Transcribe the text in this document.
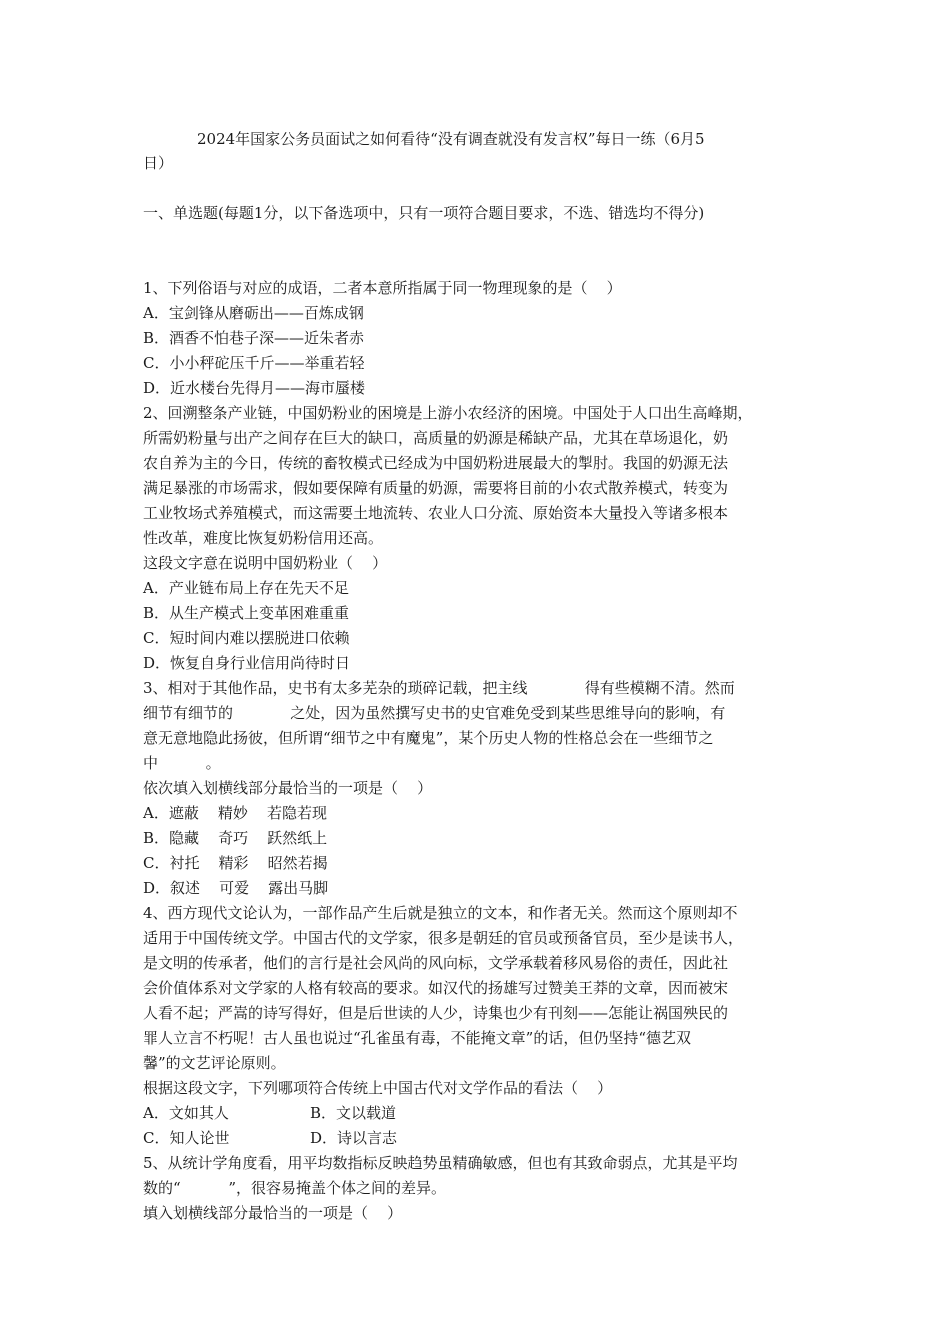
2024年国家公务员面试之如何看待“没有调查就没有发言权”每日一练（6月5
日）
一、单选题(每题1分，以下备选项中，只有一项符合题目要求，不选、错选均不得分)
1、下列俗语与对应的成语，二者本意所指属于同一物理现象的是（    ）
A．宝剑锋从磨砺出——百炼成钢
B．酒香不怕巷子深——近朱者赤
C．小小秤砣压千斤——举重若轻
D．近水楼台先得月——海市蜃楼
2、回溯整条产业链，中国奶粉业的困境是上游小农经济的困境。中国处于人口出生高峰期，
所需奶粉量与出产之间存在巨大的缺口，高质量的奶源是稀缺产品，尤其在草场退化，奶
农自养为主的今日，传统的畜牧模式已经成为中国奶粉进展最大的掣肘。我国的奶源无法
满足暴涨的市场需求，假如要保障有质量的奶源，需要将目前的小农式散养模式，转变为
工业牧场式养殖模式，而这需要土地流转、农业人口分流、原始资本大量投入等诸多根本
性改革，难度比恢复奶粉信用还高。
这段文字意在说明中国奶粉业（    ）
A．产业链布局上存在先天不足
B．从生产模式上变革困难重重
C．短时间内难以摆脱进口依赖
D．恢复自身行业信用尚待时日
3、相对于其他作品，史书有太多芜杂的琐碎记载，把主线            得有些模糊不清。然而
细节有细节的            之处，因为虽然撰写史书的史官难免受到某些思维导向的影响，有
意无意地隐此扬彼，但所谓“细节之中有魔鬼”，某个历史人物的性格总会在一些细节之
中          。
依次填入划横线部分最恰当的一项是（    ）
A．遮蔽    精妙    若隐若现
B．隐藏    奇巧    跃然纸上
C．衬托    精彩    昭然若揭
D．叙述    可爱    露出马脚
4、西方现代文论认为，一部作品产生后就是独立的文本，和作者无关。然而这个原则却不
适用于中国传统文学。中国古代的文学家，很多是朝廷的官员或预备官员，至少是读书人，
是文明的传承者，他们的言行是社会风尚的风向标，文学承载着移风易俗的责任，因此社
会价值体系对文学家的人格有较高的要求。如汉代的扬雄写过赞美王莽的文章，因而被宋
人看不起；严嵩的诗写得好，但是后世读的人少，诗集也少有刊刻——怎能让祸国殃民的
罪人立言不朽呢！古人虽也说过“孔雀虽有毒，不能掩文章”的话，但仍坚持“德艺双
馨”的文艺评论原则。
根据这段文字，下列哪项符合传统上中国古代对文学作品的看法（    ）
A．文如其人	B．文以载道
C．知人论世	D．诗以言志
5、从统计学角度看，用平均数指标反映趋势虽精确敏感，但也有其致命弱点，尤其是平均
数的“          ”，很容易掩盖个体之间的差异。
填入划横线部分最恰当的一项是（    ）
